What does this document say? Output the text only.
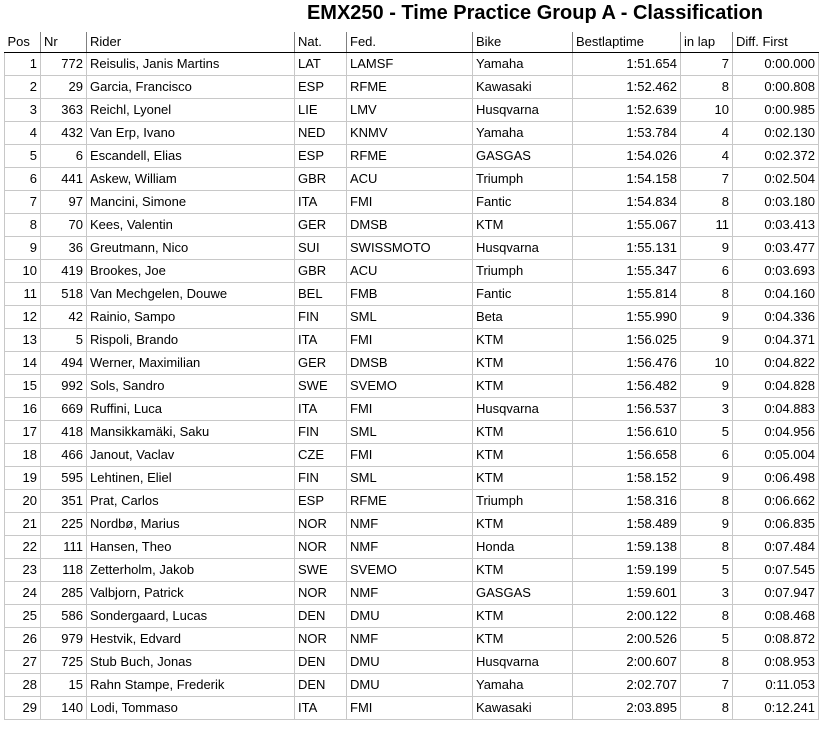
EMX250 - Time Practice Group A - Classification
Pos	Nr	Rider	Nat.	Fed.	Bike	Bestlaptime	in lap	Diff. First
1	772	Reisulis, Janis Martins	LAT	LAMSF	Yamaha	1:51.654	7	0:00.000
2	29	Garcia, Francisco	ESP	RFME	Kawasaki	1:52.462	8	0:00.808
3	363	Reichl, Lyonel	LIE	LMV	Husqvarna	1:52.639	10	0:00.985
4	432	Van Erp, Ivano	NED	KNMV	Yamaha	1:53.784	4	0:02.130
5	6	Escandell, Elias	ESP	RFME	GASGAS	1:54.026	4	0:02.372
6	441	Askew, William	GBR	ACU	Triumph	1:54.158	7	0:02.504
7	97	Mancini, Simone	ITA	FMI	Fantic	1:54.834	8	0:03.180
8	70	Kees, Valentin	GER	DMSB	KTM	1:55.067	11	0:03.413
9	36	Greutmann, Nico	SUI	SWISSMOTO	Husqvarna	1:55.131	9	0:03.477
10	419	Brookes, Joe	GBR	ACU	Triumph	1:55.347	6	0:03.693
11	518	Van Mechgelen, Douwe	BEL	FMB	Fantic	1:55.814	8	0:04.160
12	42	Rainio, Sampo	FIN	SML	Beta	1:55.990	9	0:04.336
13	5	Rispoli, Brando	ITA	FMI	KTM	1:56.025	9	0:04.371
14	494	Werner, Maximilian	GER	DMSB	KTM	1:56.476	10	0:04.822
15	992	Sols, Sandro	SWE	SVEMO	KTM	1:56.482	9	0:04.828
16	669	Ruffini, Luca	ITA	FMI	Husqvarna	1:56.537	3	0:04.883
17	418	Mansikkamäki, Saku	FIN	SML	KTM	1:56.610	5	0:04.956
18	466	Janout, Vaclav	CZE	FMI	KTM	1:56.658	6	0:05.004
19	595	Lehtinen, Eliel	FIN	SML	KTM	1:58.152	9	0:06.498
20	351	Prat, Carlos	ESP	RFME	Triumph	1:58.316	8	0:06.662
21	225	Nordbø, Marius	NOR	NMF	KTM	1:58.489	9	0:06.835
22	111	Hansen, Theo	NOR	NMF	Honda	1:59.138	8	0:07.484
23	118	Zetterholm, Jakob	SWE	SVEMO	KTM	1:59.199	5	0:07.545
24	285	Valbjorn, Patrick	NOR	NMF	GASGAS	1:59.601	3	0:07.947
25	586	Sondergaard, Lucas	DEN	DMU	KTM	2:00.122	8	0:08.468
26	979	Hestvik, Edvard	NOR	NMF	KTM	2:00.526	5	0:08.872
27	725	Stub Buch, Jonas	DEN	DMU	Husqvarna	2:00.607	8	0:08.953
28	15	Rahn Stampe, Frederik	DEN	DMU	Yamaha	2:02.707	7	0:11.053
29	140	Lodi, Tommaso	ITA	FMI	Kawasaki	2:03.895	8	0:12.241
